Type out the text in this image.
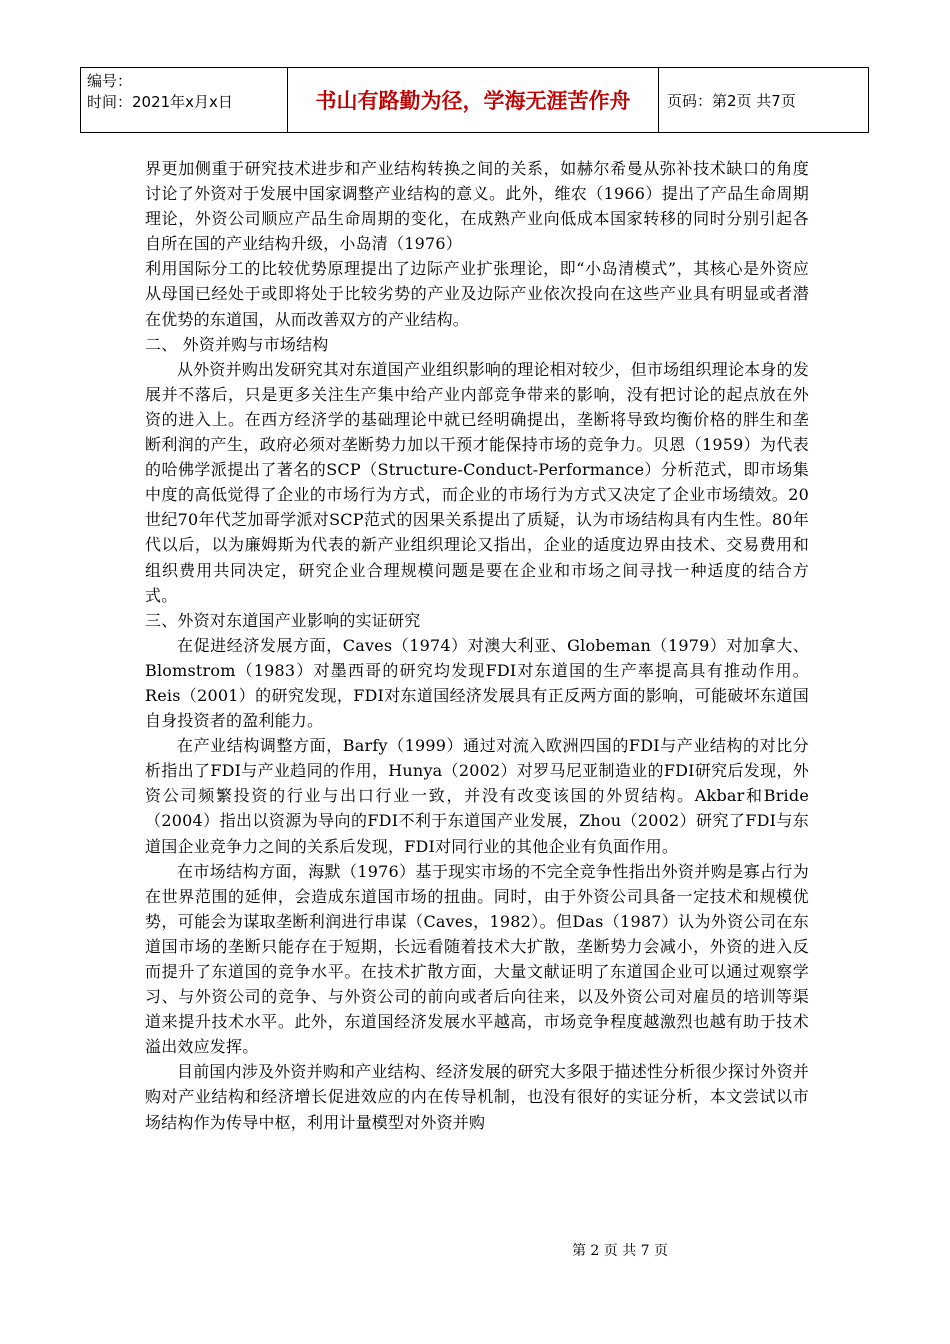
编号：
时间：2021年x月x日	书山有路勤为径，学海无涯苦作舟	页码：第2页 共7页

界更加侧重于研究技术进步和产业结构转换之间的关系，如赫尔希曼从弥补技术缺口的角度讨论了外资对于发展中国家调整产业结构的意义。此外，维农（1966）提出了产品生命周期理论，外资公司顺应产品生命周期的变化，在成熟产业向低成本国家转移的同时分别引起各自所在国的产业结构升级，小岛清（1976）

利用国际分工的比较优势原理提出了边际产业扩张理论，即“小岛清模式”，其核心是外资应从母国已经处于或即将处于比较劣势的产业及边际产业依次投向在这些产业具有明显或者潜在优势的东道国，从而改善双方的产业结构。

二、 外资并购与市场结构

从外资并购出发研究其对东道国产业组织影响的理论相对较少，但市场组织理论本身的发展并不落后，只是更多关注生产集中给产业内部竞争带来的影响，没有把讨论的起点放在外资的进入上。在西方经济学的基础理论中就已经明确提出，垄断将导致均衡价格的胖生和垄断利润的产生，政府必须对垄断势力加以干预才能保持市场的竞争力。贝恩（1959）为代表的哈佛学派提出了著名的SCP（Structure-Conduct-Performance）分析范式，即市场集中度的高低觉得了企业的市场行为方式，而企业的市场行为方式又决定了企业市场绩效。20世纪70年代芝加哥学派对SCP范式的因果关系提出了质疑，认为市场结构具有内生性。80年代以后，以为廉姆斯为代表的新产业组织理论又指出，企业的适度边界由技术、交易费用和组织费用共同决定，研究企业合理规模问题是要在企业和市场之间寻找一种适度的结合方式。

三、外资对东道国产业影响的实证研究

在促进经济发展方面，Caves（1974）对澳大利亚、Globeman（1979）对加拿大、Blomstrom（1983）对墨西哥的研究均发现FDI对东道国的生产率提高具有推动作用。Reis（2001）的研究发现，FDI对东道国经济发展具有正反两方面的影响，可能破坏东道国自身投资者的盈利能力。

在产业结构调整方面，Barfy（1999）通过对流入欧洲四国的FDI与产业结构的对比分析指出了FDI与产业趋同的作用，Hunya（2002）对罗马尼亚制造业的FDI研究后发现，外资公司频繁投资的行业与出口行业一致，并没有改变该国的外贸结构。Akbar和Bride（2004）指出以资源为导向的FDI不利于东道国产业发展，Zhou（2002）研究了FDI与东道国企业竞争力之间的关系后发现，FDI对同行业的其他企业有负面作用。

在市场结构方面，海默（1976）基于现实市场的不完全竞争性指出外资并购是寡占行为在世界范围的延伸，会造成东道国市场的扭曲。同时，由于外资公司具备一定技术和规模优势，可能会为谋取垄断利润进行串谋（Caves，1982）。但Das（1987）认为外资公司在东道国市场的垄断只能存在于短期，长远看随着技术大扩散，垄断势力会减小，外资的进入反而提升了东道国的竞争水平。在技术扩散方面，大量文献证明了东道国企业可以通过观察学习、与外资公司的竞争、与外资公司的前向或者后向往来，以及外资公司对雇员的培训等渠道来提升技术水平。此外，东道国经济发展水平越高，市场竞争程度越激烈也越有助于技术溢出效应发挥。

目前国内涉及外资并购和产业结构、经济发展的研究大多限于描述性分析很少探讨外资并购对产业结构和经济增长促进效应的内在传导机制，也没有很好的实证分析，本文尝试以市场结构作为传导中枢，利用计量模型对外资并购

第 2 页 共 7 页
